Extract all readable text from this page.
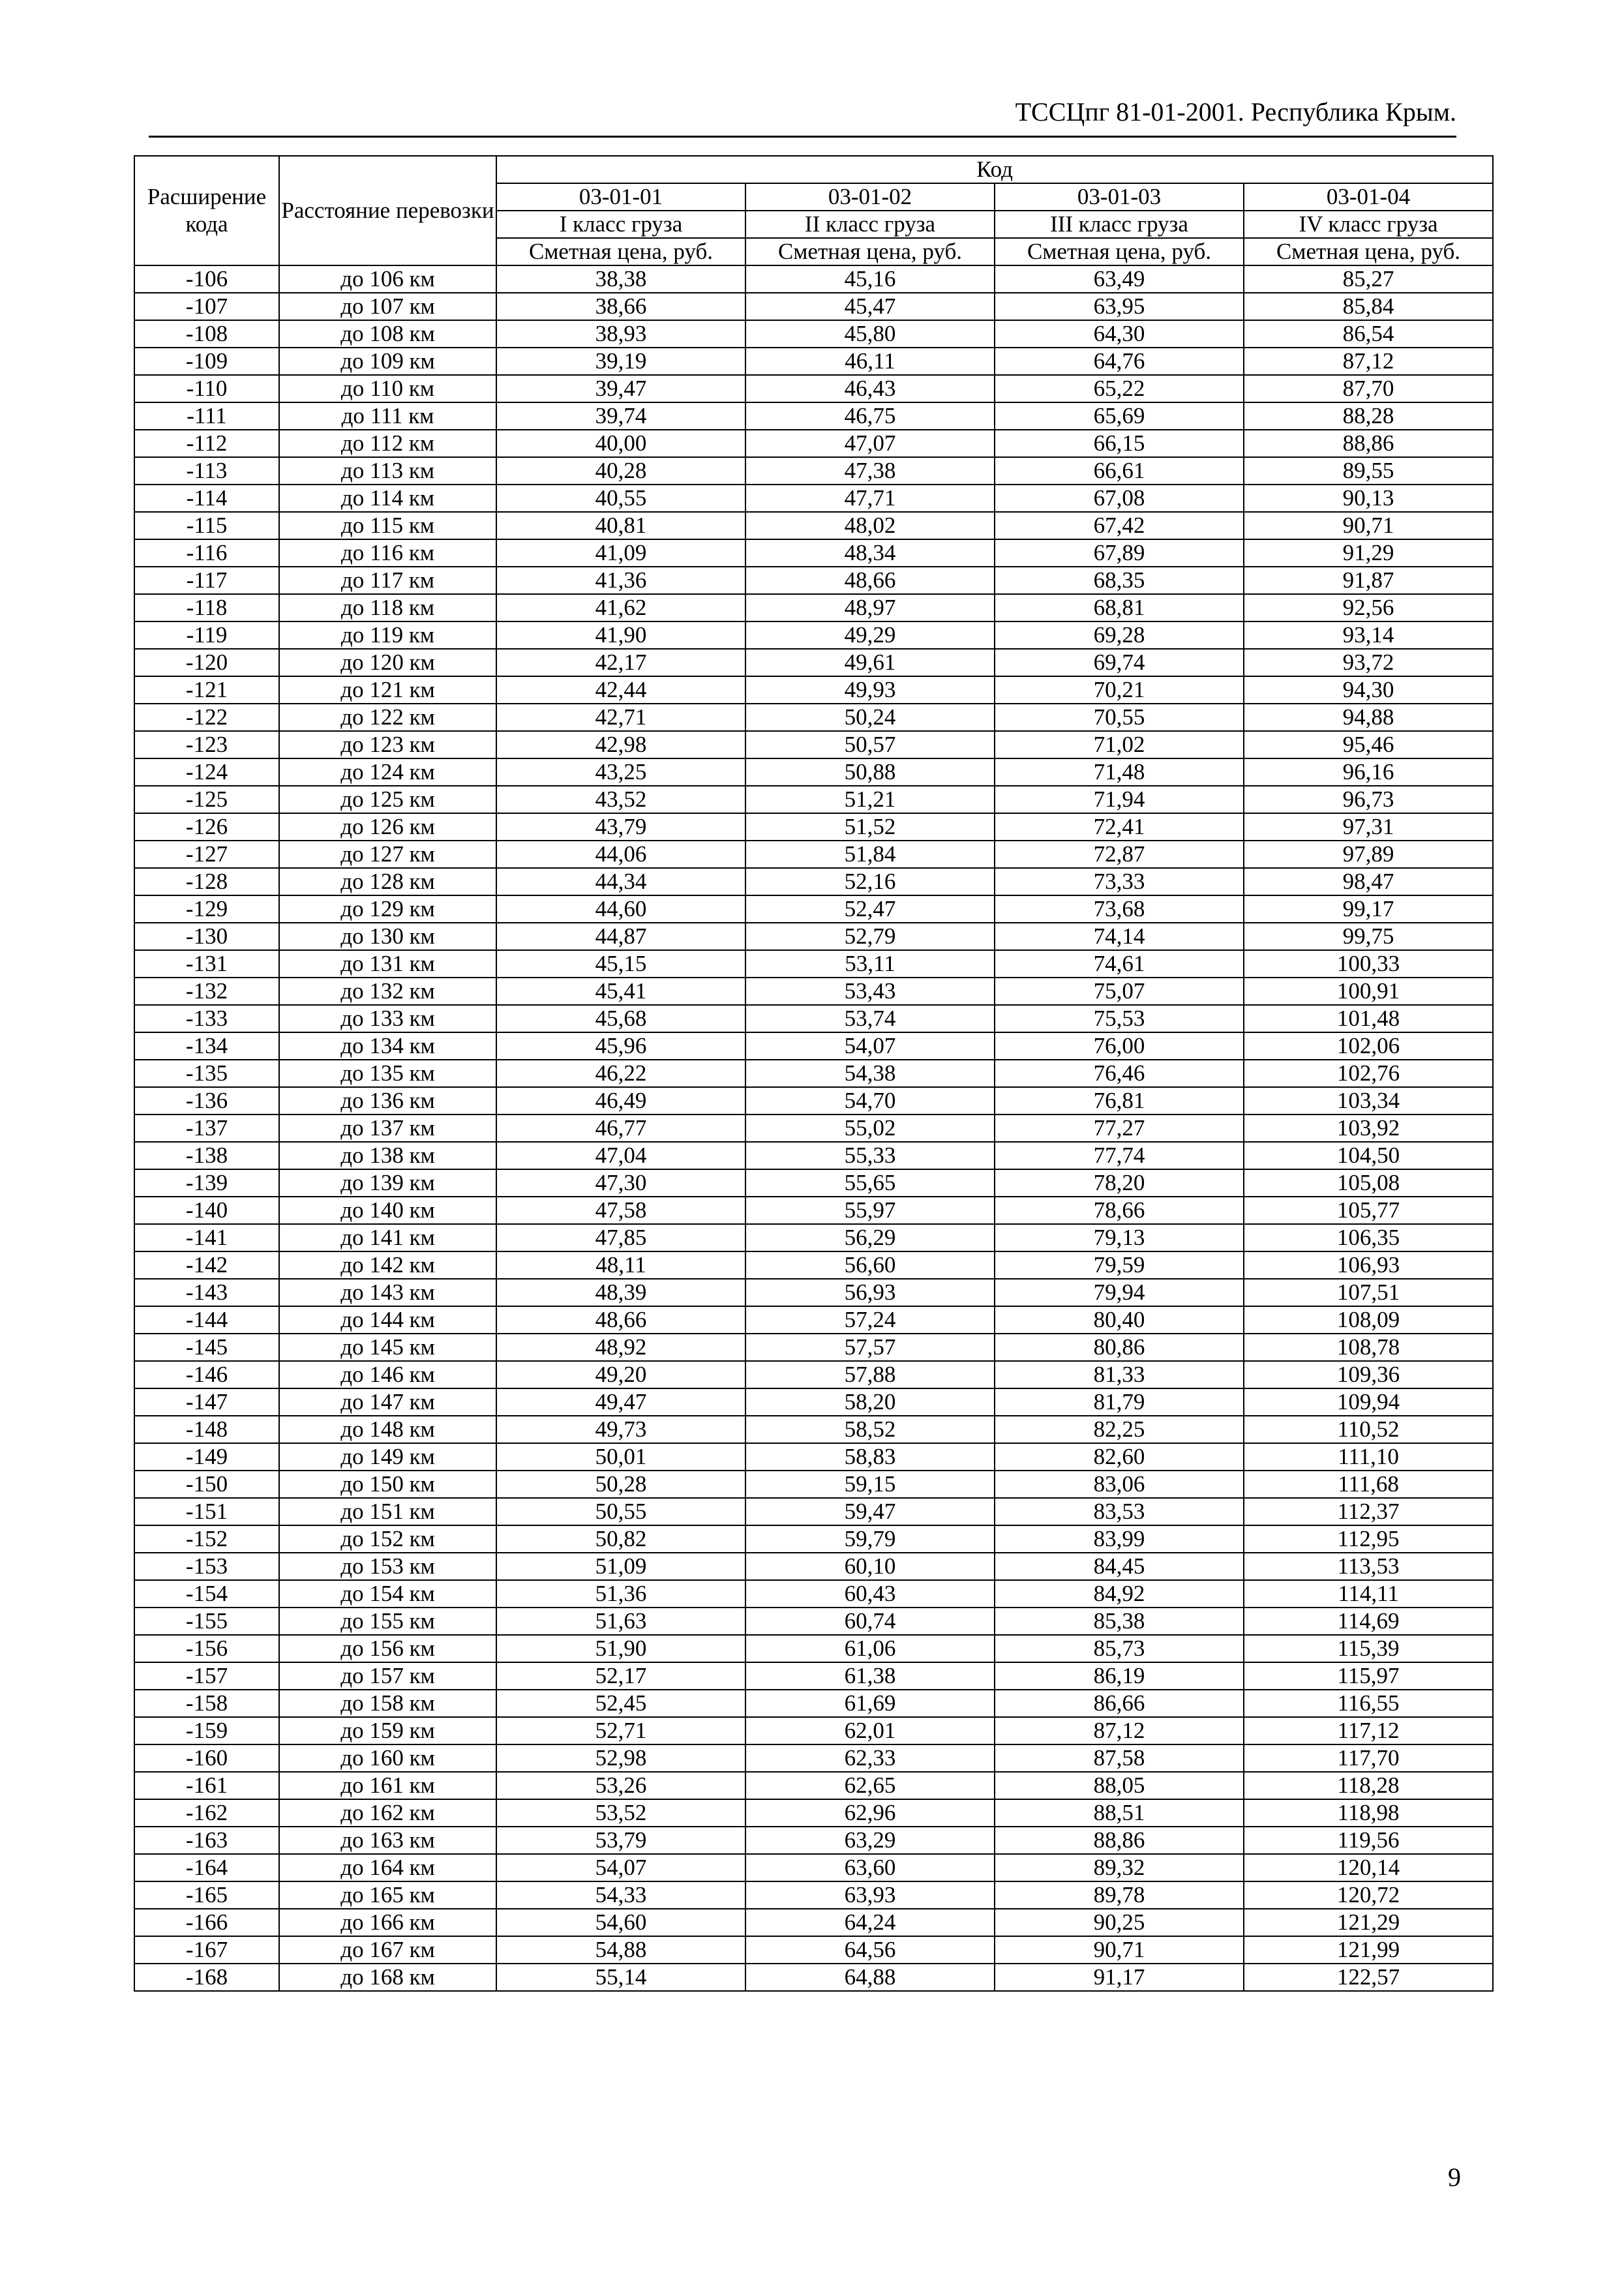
ТССЦпг 81-01-2001. Республика Крым.
Расширение кода	Расстояние перевозки	Код			
		03-01-01	03-01-02	03-01-03	03-01-04
		I класс груза	II класс груза	III класс груза	IV класс груза
		Сметная цена, руб.	Сметная цена, руб.	Сметная цена, руб.	Сметная цена, руб.
-106	до 106 км	38,38	45,16	63,49	85,27
-107	до 107 км	38,66	45,47	63,95	85,84
-108	до 108 км	38,93	45,80	64,30	86,54
-109	до 109 км	39,19	46,11	64,76	87,12
-110	до 110 км	39,47	46,43	65,22	87,70
-111	до 111 км	39,74	46,75	65,69	88,28
-112	до 112 км	40,00	47,07	66,15	88,86
-113	до 113 км	40,28	47,38	66,61	89,55
-114	до 114 км	40,55	47,71	67,08	90,13
-115	до 115 км	40,81	48,02	67,42	90,71
-116	до 116 км	41,09	48,34	67,89	91,29
-117	до 117 км	41,36	48,66	68,35	91,87
-118	до 118 км	41,62	48,97	68,81	92,56
-119	до 119 км	41,90	49,29	69,28	93,14
-120	до 120 км	42,17	49,61	69,74	93,72
-121	до 121 км	42,44	49,93	70,21	94,30
-122	до 122 км	42,71	50,24	70,55	94,88
-123	до 123 км	42,98	50,57	71,02	95,46
-124	до 124 км	43,25	50,88	71,48	96,16
-125	до 125 км	43,52	51,21	71,94	96,73
-126	до 126 км	43,79	51,52	72,41	97,31
-127	до 127 км	44,06	51,84	72,87	97,89
-128	до 128 км	44,34	52,16	73,33	98,47
-129	до 129 км	44,60	52,47	73,68	99,17
-130	до 130 км	44,87	52,79	74,14	99,75
-131	до 131 км	45,15	53,11	74,61	100,33
-132	до 132 км	45,41	53,43	75,07	100,91
-133	до 133 км	45,68	53,74	75,53	101,48
-134	до 134 км	45,96	54,07	76,00	102,06
-135	до 135 км	46,22	54,38	76,46	102,76
-136	до 136 км	46,49	54,70	76,81	103,34
-137	до 137 км	46,77	55,02	77,27	103,92
-138	до 138 км	47,04	55,33	77,74	104,50
-139	до 139 км	47,30	55,65	78,20	105,08
-140	до 140 км	47,58	55,97	78,66	105,77
-141	до 141 км	47,85	56,29	79,13	106,35
-142	до 142 км	48,11	56,60	79,59	106,93
-143	до 143 км	48,39	56,93	79,94	107,51
-144	до 144 км	48,66	57,24	80,40	108,09
-145	до 145 км	48,92	57,57	80,86	108,78
-146	до 146 км	49,20	57,88	81,33	109,36
-147	до 147 км	49,47	58,20	81,79	109,94
-148	до 148 км	49,73	58,52	82,25	110,52
-149	до 149 км	50,01	58,83	82,60	111,10
-150	до 150 км	50,28	59,15	83,06	111,68
-151	до 151 км	50,55	59,47	83,53	112,37
-152	до 152 км	50,82	59,79	83,99	112,95
-153	до 153 км	51,09	60,10	84,45	113,53
-154	до 154 км	51,36	60,43	84,92	114,11
-155	до 155 км	51,63	60,74	85,38	114,69
-156	до 156 км	51,90	61,06	85,73	115,39
-157	до 157 км	52,17	61,38	86,19	115,97
-158	до 158 км	52,45	61,69	86,66	116,55
-159	до 159 км	52,71	62,01	87,12	117,12
-160	до 160 км	52,98	62,33	87,58	117,70
-161	до 161 км	53,26	62,65	88,05	118,28
-162	до 162 км	53,52	62,96	88,51	118,98
-163	до 163 км	53,79	63,29	88,86	119,56
-164	до 164 км	54,07	63,60	89,32	120,14
-165	до 165 км	54,33	63,93	89,78	120,72
-166	до 166 км	54,60	64,24	90,25	121,29
-167	до 167 км	54,88	64,56	90,71	121,99
-168	до 168 км	55,14	64,88	91,17	122,57
9
